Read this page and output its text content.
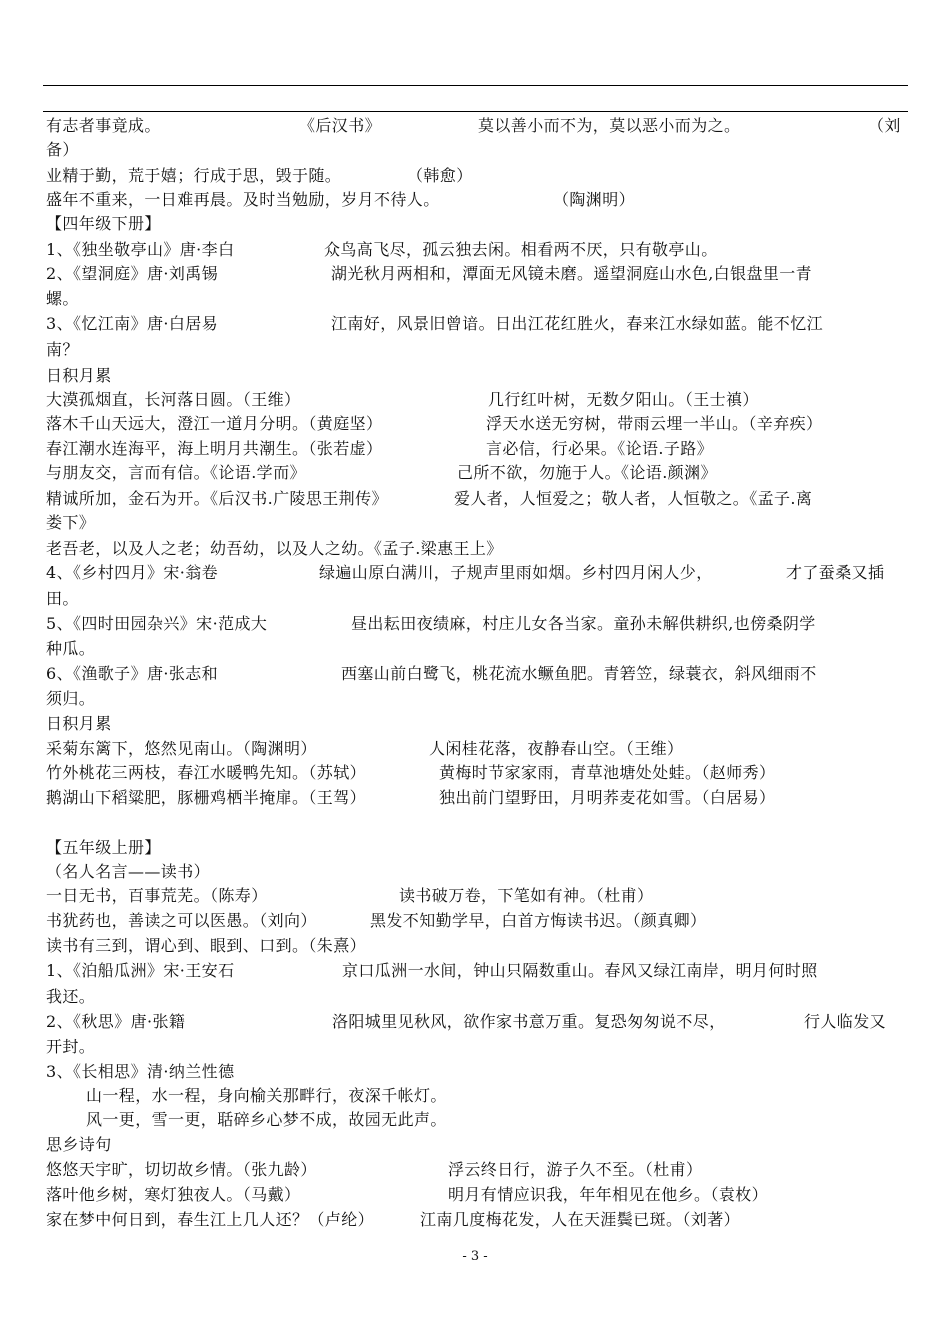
有志者事竟成。	《后汉书》	莫以善小而不为，莫以恶小而为之。	（刘
备）
业精于勤，荒于嬉；行成于思，毁于随。	（韩愈）
盛年不重来，一日难再晨。及时当勉励，岁月不待人。	（陶渊明）
【四年级下册】
1、《独坐敬亭山》唐·李白	众鸟高飞尽，孤云独去闲。相看两不厌，只有敬亭山。
2、《望洞庭》唐·刘禹锡	湖光秋月两相和，潭面无风镜未磨。遥望洞庭山水色,白银盘里一青
螺。
3、《忆江南》唐·白居易	江南好，风景旧曾谙。日出江花红胜火，春来江水绿如蓝。能不忆江
南？
日积月累
大漠孤烟直，长河落日圆。（王维）	几行红叶树，无数夕阳山。（王士禛）
落木千山天远大，澄江一道月分明。（黄庭坚）	浮天水送无穷树，带雨云埋一半山。（辛弃疾）
春江潮水连海平，海上明月共潮生。（张若虚）	言必信，行必果。《论语.子路》
与朋友交，言而有信。《论语.学而》	己所不欲，勿施于人。《论语.颜渊》
精诚所加，金石为开。《后汉书.广陵思王荆传》	爱人者，人恒爱之；敬人者，人恒敬之。《孟子.离
娄下》
老吾老，以及人之老；幼吾幼，以及人之幼。《孟子.梁惠王上》
4、《乡村四月》宋·翁卷	绿遍山原白满川，子规声里雨如烟。乡村四月闲人少，	才了蚕桑又插
田。
5、《四时田园杂兴》宋·范成大	昼出耘田夜绩麻，村庄儿女各当家。童孙未解供耕织,也傍桑阴学
种瓜。
6、《渔歌子》唐·张志和	西塞山前白鹭飞，桃花流水鳜鱼肥。青箬笠，绿蓑衣，斜风细雨不
须归。
日积月累
采菊东篱下，悠然见南山。（陶渊明）	人闲桂花落，夜静春山空。（王维）
竹外桃花三两枝，春江水暖鸭先知。（苏轼）	黄梅时节家家雨，青草池塘处处蛙。（赵师秀）
鹅湖山下稻粱肥，豚栅鸡栖半掩扉。（王驾）	独出前门望野田，月明荞麦花如雪。（白居易）
【五年级上册】
（名人名言——读书）
一日无书，百事荒芜。（陈寿）	读书破万卷，下笔如有神。（杜甫）
书犹药也，善读之可以医愚。（刘向）	黑发不知勤学早，白首方悔读书迟。（颜真卿）
读书有三到，谓心到、眼到、口到。（朱熹）
1、《泊船瓜洲》宋·王安石	京口瓜洲一水间，钟山只隔数重山。春风又绿江南岸，明月何时照
我还。
2、《秋思》唐·张籍	洛阳城里见秋风，欲作家书意万重。复恐匆匆说不尽，	行人临发又
开封。
3、《长相思》清·纳兰性德
山一程，水一程，身向榆关那畔行，夜深千帐灯。
风一更，雪一更，聒碎乡心梦不成，故园无此声。
思乡诗句
悠悠天宇旷，切切故乡情。（张九龄）	浮云终日行，游子久不至。（杜甫）
落叶他乡树，寒灯独夜人。（马戴）	明月有情应识我，年年相见在他乡。（袁枚）
家在梦中何日到，春生江上几人还？（卢纶）	江南几度梅花发，人在天涯鬓已斑。（刘著）
- 3 -
